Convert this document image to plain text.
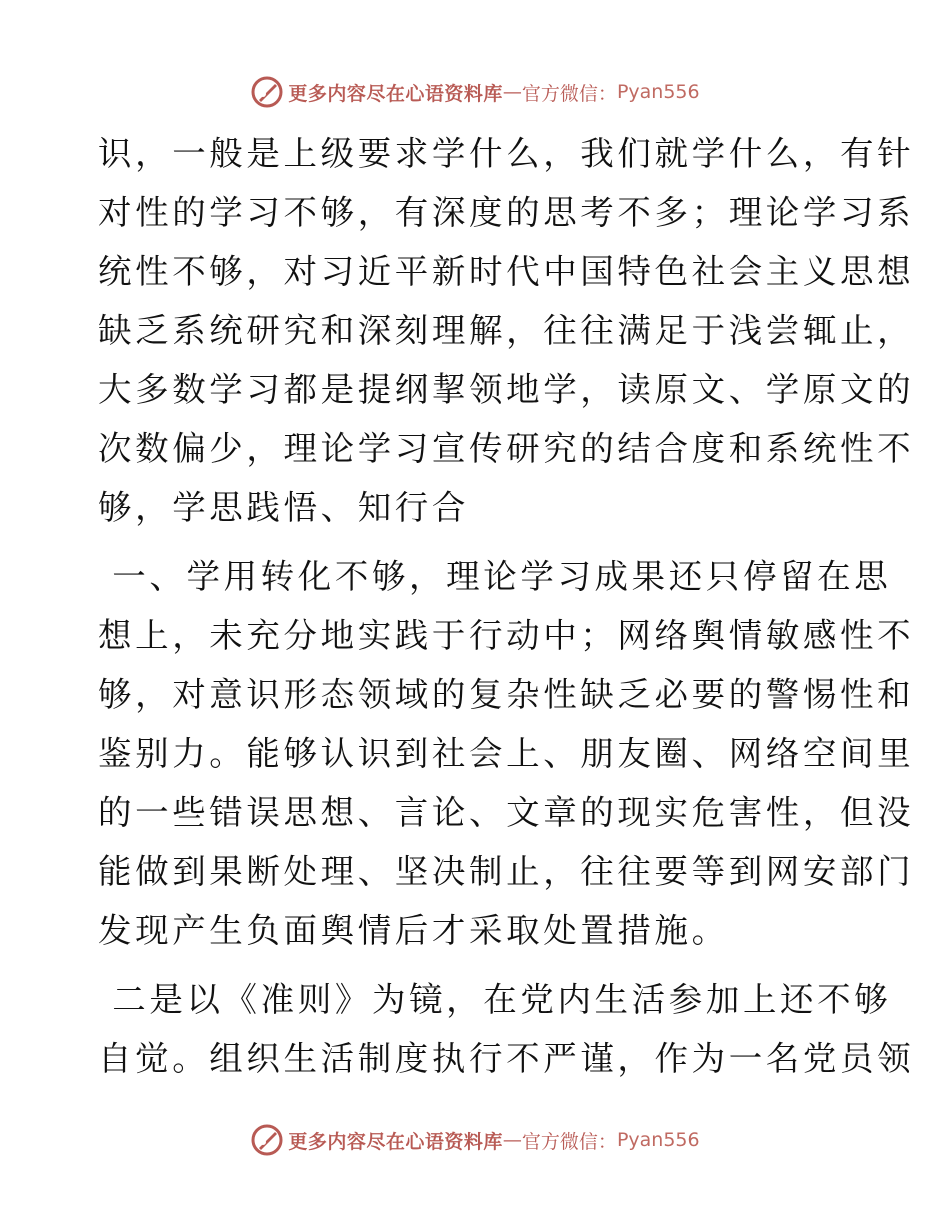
更多内容尽在心语资料库 — 官方微信： Pyan556

识，一般是上级要求学什么，我们就学什么，有针
对性的学习不够，有深度的思考不多；理论学习系
统性不够，对习近平新时代中国特色社会主义思想
缺乏系统研究和深刻理解，往往满足于浅尝辄止，
大多数学习都是提纲挈领地学，读原文、学原文的
次数偏少，理论学习宣传研究的结合度和系统性不
够，学思践悟、知行合

一、学用转化不够，理论学习成果还只停留在思
想上，未充分地实践于行动中；网络舆情敏感性不
够，对意识形态领域的复杂性缺乏必要的警惕性和
鉴别力。能够认识到社会上、朋友圈、网络空间里
的一些错误思想、言论、文章的现实危害性，但没
能做到果断处理、坚决制止，往往要等到网安部门
发现产生负面舆情后才采取处置措施。

二是以《准则》为镜，在党内生活参加上还不够
自觉。组织生活制度执行不严谨，作为一名党员领

更多内容尽在心语资料库 — 官方微信： Pyan556
